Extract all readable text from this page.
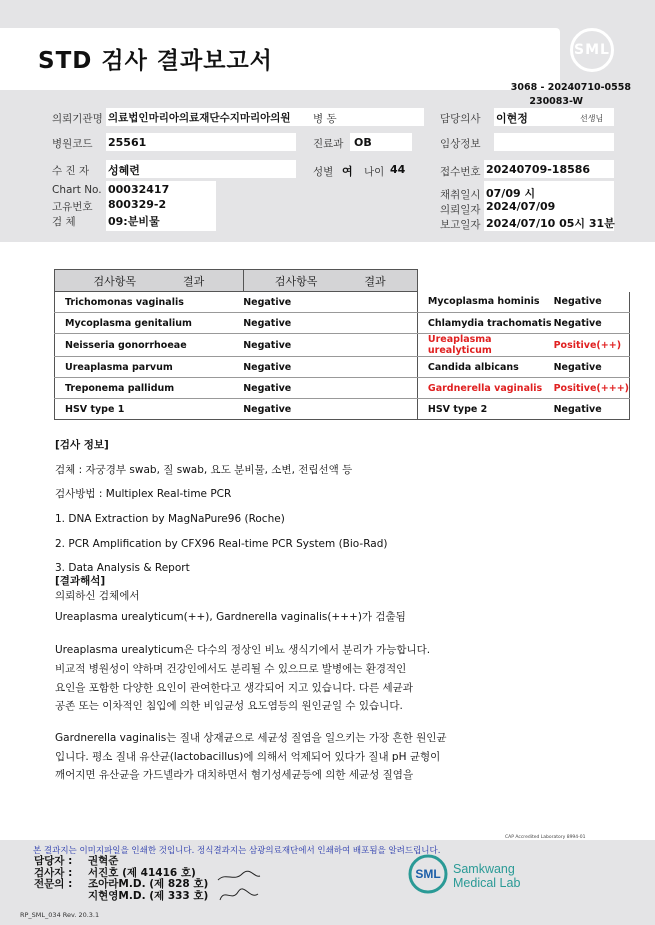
STD 검사 결과보고서	SML
3068 - 20240710-0558
230083-W
의뢰기관명 의료법인마리아의료재단수지마리아의원 병 동	담당의사 이현정	선생님
병원코드 25561	진료과 OB	임상정보
수 진 자 성혜련	성별 여 나이 44	접수번호 20240709-18586
Chart No. 00032417
고유번호 800329-2
검 체	09:분비물
채취일시 07/09 시
의뢰일자 2024/07/09
보고일자 2024/07/10 05시 31분
검사항목 결과	검사항목 결과		
Trichomonas vaginalis	Negative	Mycoplasma hominis	Negative
Mycoplasma genitalium	Negative	Chlamydia trachomatis	Negative
Neisseria gonorrhoeae	Negative	Ureaplasma urealyticum	Positive(++)
Ureaplasma parvum	Negative	Candida albicans	Negative
Treponema pallidum	Negative	Gardnerella vaginalis	Positive(+++)
HSV type 1	Negative	HSV type 2	Negative

[검사 정보]

검체 : 자궁경부 swab, 질 swab, 요도 분비물, 소변, 전립선액 등

검사방법 : Multiplex Real-time PCR

1. DNA Extraction by MagNaPure96 (Roche)

2. PCR Amplification by CFX96 Real-time PCR System (Bio-Rad)

3. Data Analysis & Report

[결과해석]
의뢰하신 검체에서
Ureaplasma urealyticum(++), Gardnerella vaginalis(+++)가 검출됨
Ureaplasma urealyticum은 다수의 정상인 비뇨 생식기에서 분리가 가능합니다.
비교적 병원성이 약하며 건강인에서도 분리될 수 있으므로 발병에는 환경적인
요인을 포함한 다양한 요인이 관여한다고 생각되어 지고 있습니다. 다른 세균과
공존 또는 이차적인 침입에 의한 비임균성 요도염등의 원인균일 수 있습니다.
Gardnerella vaginalis는 질내 상재균으로 세균성 질염을 일으키는 가장 흔한 원인균
입니다. 평소 질내 유산균(lactobacillus)에 의해서 억제되어 있다가 질내 pH 균형이
깨어지면 유산균을 가드넬라가 대치하면서 혐기성세균등에 의한 세균성 질염을
CAP Accredited Laboratory 8994-01
본 결과지는 이미지파일을 인쇄한 것입니다. 정식결과지는 삼광의료재단에서 인쇄하여 배포됨을 알려드립니다.
담당자 : 권혁준
검사자 : 서진호 (제 41416 호)
전문의 : 조아라M.D. (제 828 호)
지현영M.D. (제 333 호)
SML Samkwang
Medical Lab
RP_SML_034 Rev. 20.3.1
